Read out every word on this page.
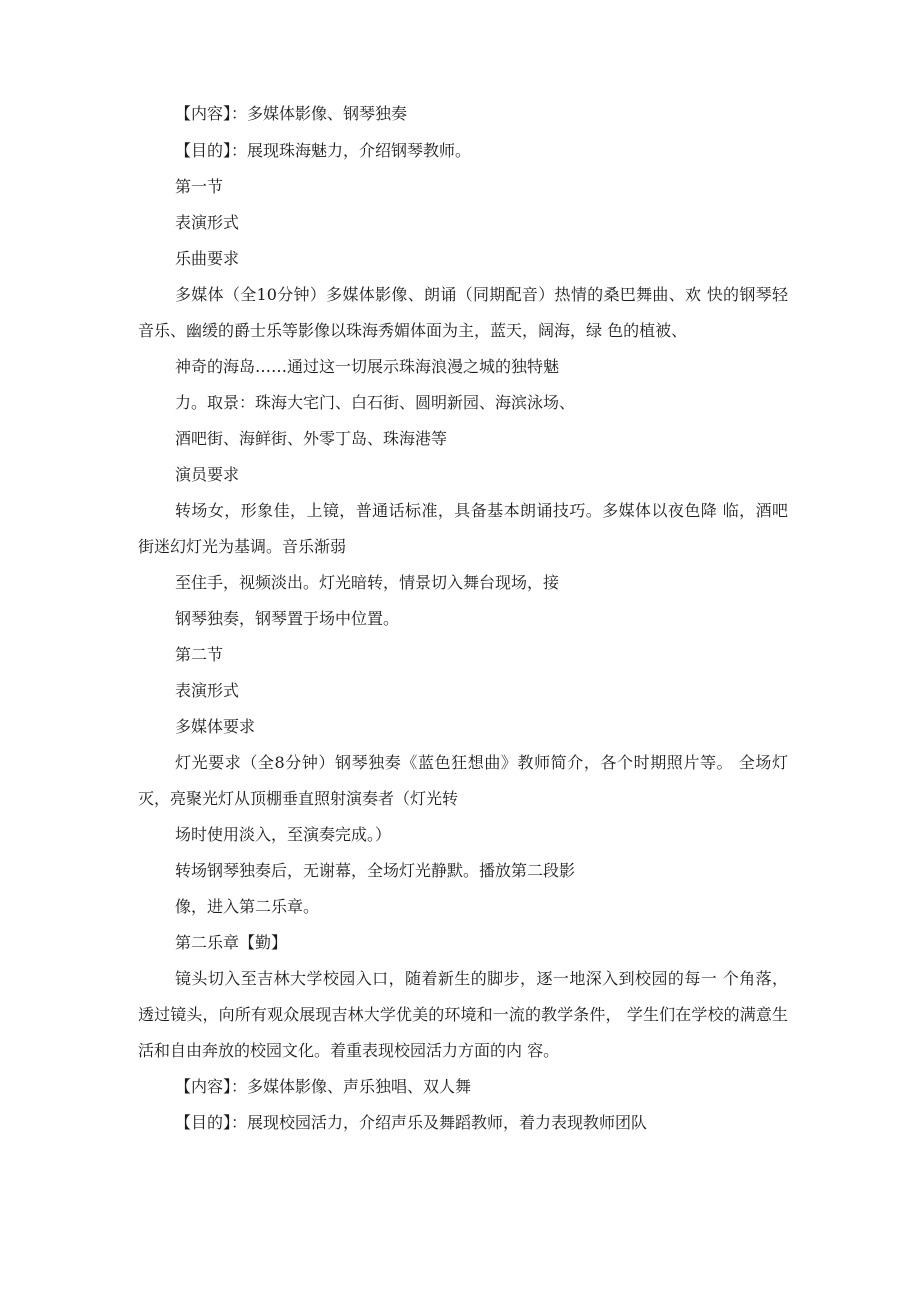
【内容】：多媒体影像、钢琴独奏
【目的】：展现珠海魅力，介绍钢琴教师。
第一节
表演形式
乐曲要求
多媒体（全10分钟）多媒体影像、朗诵（同期配音）热情的桑巴舞曲、欢 快的钢琴轻音乐、幽缓的爵士乐等影像以珠海秀媚体面为主，蓝天，阔海，绿 色的植被、
神奇的海岛……通过这一切展示珠海浪漫之城的独特魅
力。取景：珠海大宅门、白石街、圆明新园、海滨泳场、
酒吧街、海鲜街、外零丁岛、珠海港等
演员要求
转场女，形象佳，上镜，普通话标准，具备基本朗诵技巧。多媒体以夜色降 临，酒吧街迷幻灯光为基调。音乐渐弱
至住手，视频淡出。灯光暗转，情景切入舞台现场，接
钢琴独奏，钢琴置于场中位置。
第二节
表演形式
多媒体要求
灯光要求（全8分钟）钢琴独奏《蓝色狂想曲》教师简介，各个时期照片等。 全场灯灭，亮聚光灯从顶棚垂直照射演奏者（灯光转
场时使用淡入，至演奏完成。）
转场钢琴独奏后，无谢幕，全场灯光静默。播放第二段影
像，进入第二乐章。
第二乐章【勤】
镜头切入至吉林大学校园入口，随着新生的脚步，逐一地深入到校园的每一 个角落，透过镜头，向所有观众展现吉林大学优美的环境和一流的教学条件， 学生们在学校的满意生活和自由奔放的校园文化。着重表现校园活力方面的内 容。
【内容】：多媒体影像、声乐独唱、双人舞
【目的】：展现校园活力，介绍声乐及舞蹈教师，着力表现教师团队
